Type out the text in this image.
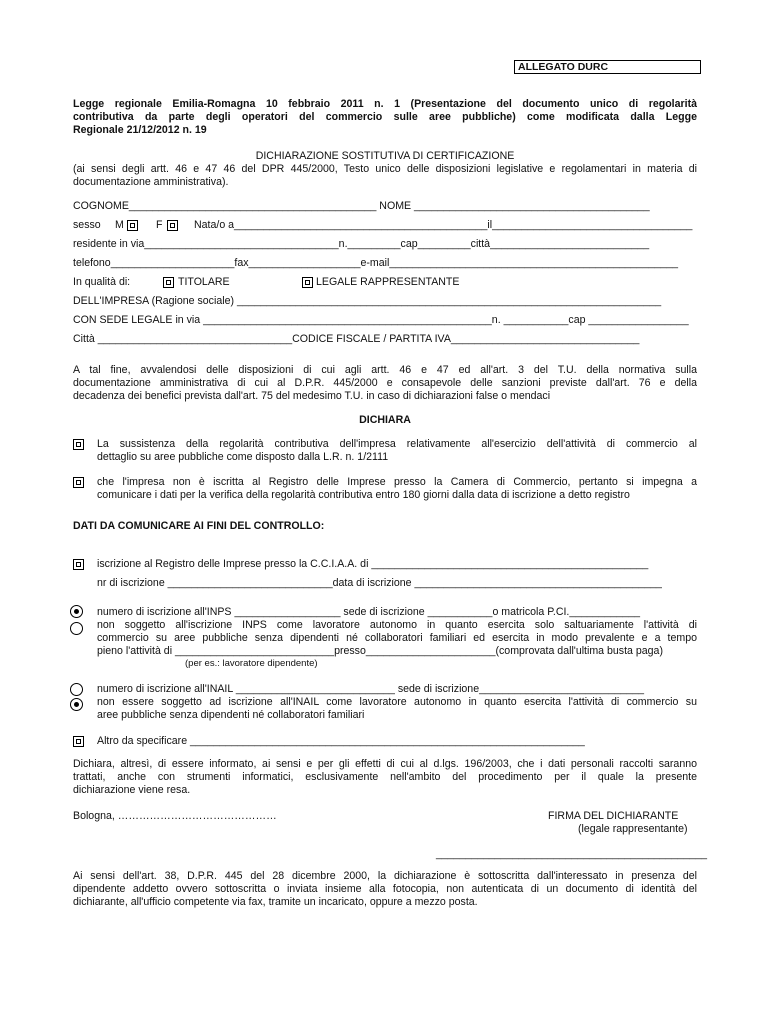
ALLEGATO DURC
Legge regionale Emilia-Romagna 10 febbraio 2011 n. 1 (Presentazione del documento unico di regolarità
contributiva da parte degli operatori del commercio sulle aree pubbliche) come modificata dalla Legge
Regionale 21/12/2012 n. 19
DICHIARAZIONE SOSTITUTIVA DI CERTIFICAZIONE
(ai sensi degli artt. 46 e 47 46 del DPR 445/2000, Testo unico delle disposizioni legislative e regolamentari in materia di
documentazione amministrativa).
COGNOME__________________________________________ NOME ________________________________________
sesso M	F	Nata/o a___________________________________________il__________________________________
residente in via_________________________________n._________cap_________città___________________________
telefono_____________________fax___________________e-mail_________________________________________________
In qualità di:	TITOLARE	LEGALE RAPPRESENTANTE
DELL'IMPRESA (Ragione sociale) ________________________________________________________________________
CON SEDE LEGALE in via _________________________________________________n. ___________cap _________________
Città _________________________________CODICE FISCALE / PARTITA IVA________________________________
A tal fine, avvalendosi delle disposizioni di cui agli artt. 46 e 47 ed all'art. 3 del T.U. della normativa sulla
documentazione amministrativa di cui al D.P.R. 445/2000 e consapevole delle sanzioni previste dall'art. 76 e della
decadenza dei benefici prevista dall'art. 75 del medesimo T.U. in caso di dichiarazioni false o mendaci
DICHIARA
La sussistenza della regolarità contributiva dell'impresa relativamente all'esercizio dell'attività di commercio al
dettaglio su aree pubbliche come disposto dalla L.R. n. 1/2111
che l'impresa non è iscritta al Registro delle Imprese presso la Camera di Commercio, pertanto si impegna a
comunicare i dati per la verifica della regolarità contributiva entro 180 giorni dalla data di iscrizione a detto registro
DATI DA COMUNICARE AI FINI DEL CONTROLLO:
iscrizione al Registro delle Imprese presso la C.C.I.A.A. di _______________________________________________
nr di iscrizione ____________________________data di iscrizione __________________________________________
numero di iscrizione all'INPS __________________ sede di iscrizione ___________o matricola P.CI.____________
non soggetto all'iscrizione INPS come lavoratore autonomo in quanto esercita solo saltuariamente l'attività di
commercio su aree pubbliche senza dipendenti né collaboratori familiari ed esercita in modo prevalente e a tempo
pieno l'attività di ___________________________presso______________________(comprovata dall'ultima busta paga)
(per es.: lavoratore dipendente)
numero di iscrizione all'INAIL ___________________________ sede di iscrizione____________________________
non essere soggetto ad iscrizione all'INAIL come lavoratore autonomo in quanto esercita l'attività di commercio su
aree pubbliche senza dipendenti né collaboratori familiari
Altro da specificare ___________________________________________________________________
Dichiara, altresì, di essere informato, ai sensi e per gli effetti di cui al d.lgs. 196/2003, che i dati personali raccolti saranno
trattati, anche con strumenti informatici, esclusivamente nell'ambito del procedimento per il quale la presente
dichiarazione viene resa.
Bologna, ………………………………………	FIRMA DEL DICHIARANTE
(legale rappresentante)
______________________________________________
Ai sensi dell'art. 38, D.P.R. 445 del 28 dicembre 2000, la dichiarazione è sottoscritta dall'interessato in presenza del
dipendente addetto ovvero sottoscritta o inviata insieme alla fotocopia, non autenticata di un documento di identità del
dichiarante, all'ufficio competente via fax, tramite un incaricato, oppure a mezzo posta.
